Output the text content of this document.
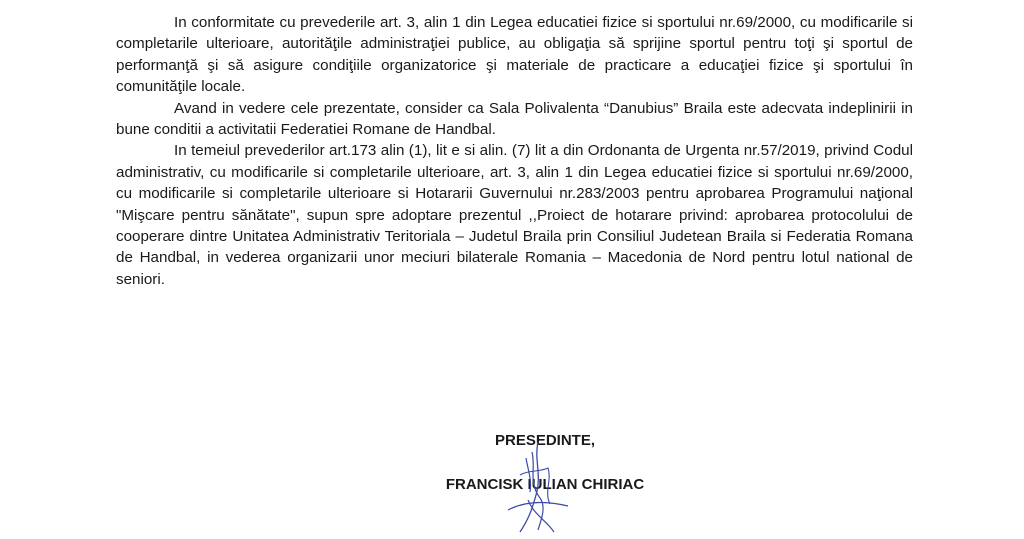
In conformitate cu prevederile art. 3, alin 1 din Legea educatiei fizice si sportului nr.69/2000, cu modificarile si completarile ulterioare, autorităţile administraţiei publice, au obligaţia să sprijine sportul pentru toţi şi sportul de performanţă şi să asigure condiţiile organizatorice şi materiale de practicare a educaţiei fizice şi sportului în comunităţile locale.

Avand in vedere cele prezentate, consider ca Sala Polivalenta “Danubius” Braila este adecvata indeplinirii in bune conditii a activitatii Federatiei Romane de Handbal.

In temeiul prevederilor art.173 alin (1), lit e si alin. (7) lit a din Ordonanta de Urgenta nr.57/2019, privind Codul administrativ, cu modificarile si completarile ulterioare, art. 3, alin 1 din Legea educatiei fizice si sportului nr.69/2000, cu modificarile si completarile ulterioare si Hotararii Guvernului nr.283/2003 pentru aprobarea Programului naţional "Mişcare pentru sănătate", supun spre adoptare prezentul ,,Proiect de hotarare privind: aprobarea protocolului de cooperare dintre Unitatea Administrativ Teritoriala – Judetul Braila prin Consiliul Judetean Braila si Federatia Romana de Handbal, in vederea organizarii unor meciuri bilaterale Romania – Macedonia de Nord pentru lotul national de seniori.

PRESEDINTE,
FRANCISK IULIAN CHIRIAC
